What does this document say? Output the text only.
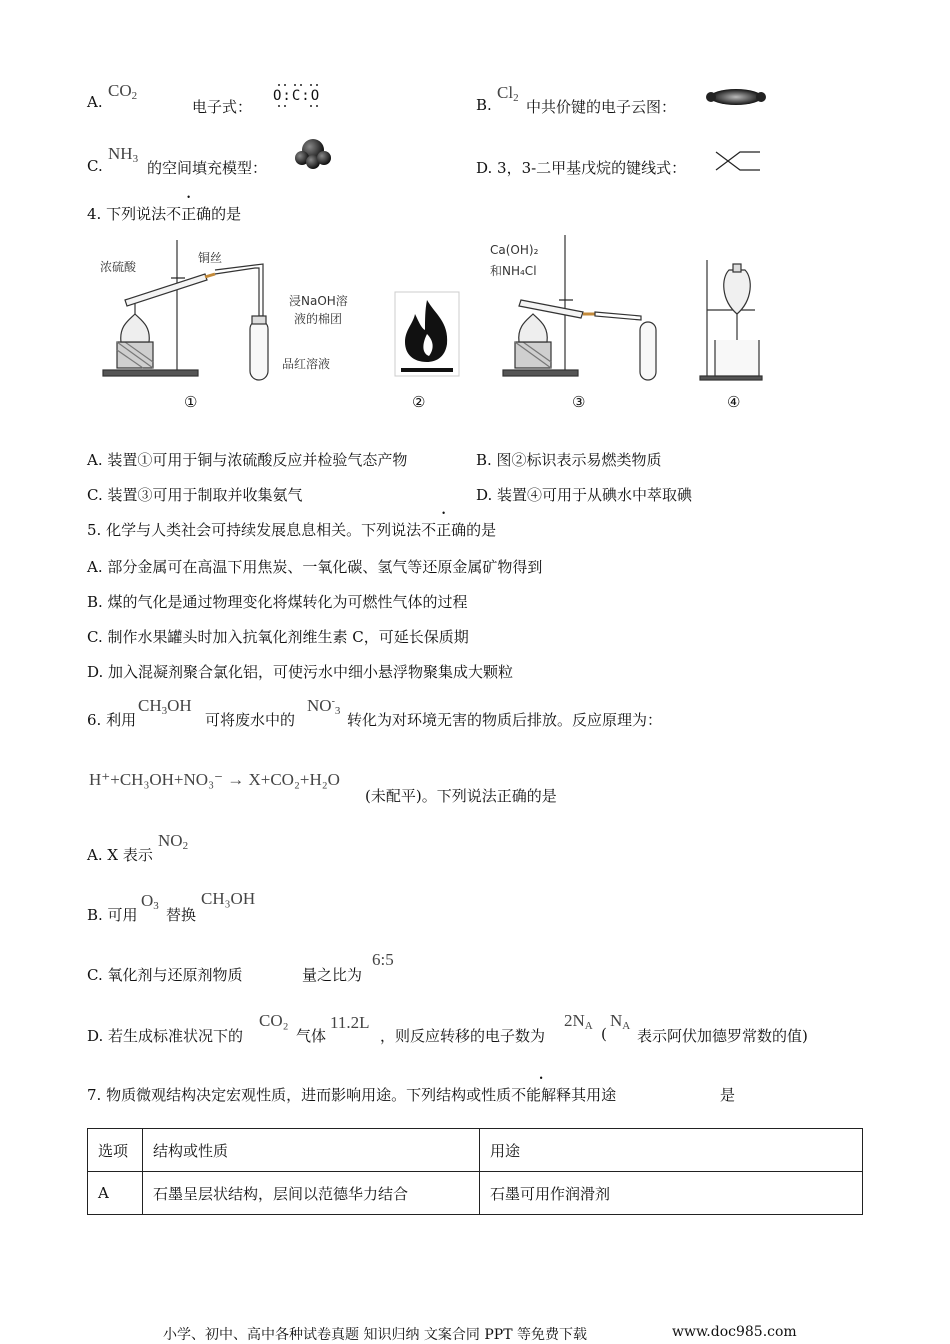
A.
$CO_2$
电子式：
O:C:O	B.
$Cl_2$ 中共价键的电子云图：
C.
$NH_3$ 的空间填充模型：	D. 3，3-二甲基戊烷的键线式：
4. 下列说法不正确的是
浓硫酸
铜丝
浸NaOH溶
液的棉团
品红溶液
Ca(OH)₂
和NH₄Cl
①	②	③	④
A. 装置①可用于铜与浓硫酸反应并检验气态产物	B. 图②标识表示易燃类物质
C. 装置③可用于制取并收集氨气	D. 装置④可用于从碘水中萃取碘
5. 化学与人类社会可持续发展息息相关。下列说法不正确的是
A. 部分金属可在高温下用焦炭、一氧化碳、氢气等还原金属矿物得到
B. 煤的气化是通过物理变化将煤转化为可燃性气体的过程
C. 制作水果罐头时加入抗氧化剂维生素 C，可延长保质期
D. 加入混凝剂聚合氯化铝，可使污水中细小悬浮物聚集成大颗粒
6. 利用
$CH_3OH$
可将废水中的
$NO^-_3$ 转化为对环境无害的物质后排放。反应原理为：
H⁺+CH₃OH+NO₃⁻ → X+CO₂+H₂O
(未配平)。下列说法正确的是
A. X 表示
$NO_2$
B. 可用
$O_3$ 替换
CH₃OH
C. 氧化剂与还原剂物质	量之比为
6:5
D. 若生成标准状况下的
CO₂
气体
11.2L
，则反应转移的电子数为
$2N_A$ (
$N_A$
表示阿伏加德罗常数的值)
7. 物质微观结构决定宏观性质，进而影响用途。下列结构或性质不能解释其用途	是
选项	结构或性质	用途
A	石墨呈层状结构，层间以范德华力结合	石墨可用作润滑剂
小学、初中、高中各种试卷真题 知识归纳 文案合同 PPT 等免费下载	www.doc985.com
